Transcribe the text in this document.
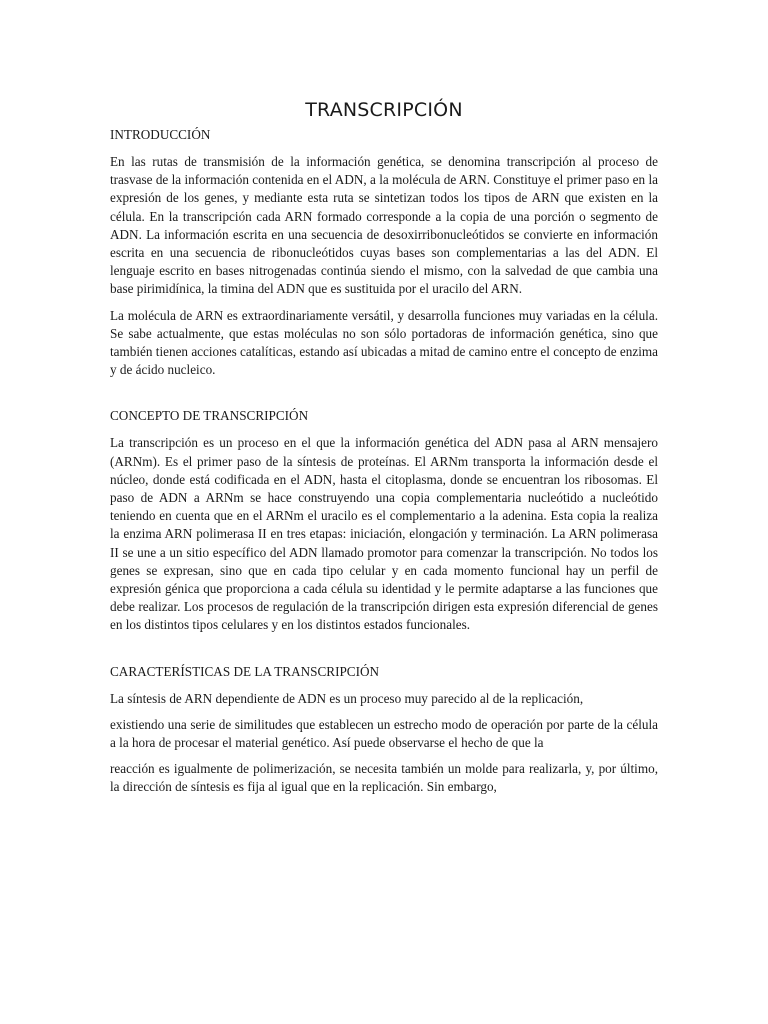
TRANSCRIPCIÓN
INTRODUCCIÓN

En las rutas de transmisión de la información genética, se denomina transcripción al proceso de trasvase de la información contenida en el ADN, a la molécula de ARN. Constituye el primer paso en la expresión de los genes, y mediante esta ruta se sintetizan todos los tipos de ARN que existen en la célula. En la transcripción cada ARN formado corresponde a la copia de una porción o segmento de ADN. La información escrita en una secuencia de desoxirribonucleótidos se convierte en información escrita en una secuencia de ribonucleótidos cuyas bases son complementarias a las del ADN. El lenguaje escrito en bases nitrogenadas continúa siendo el mismo, con la salvedad de que cambia una base pirimidínica, la timina del ADN que es sustituida por el uracilo del ARN.

La molécula de ARN es extraordinariamente versátil, y desarrolla funciones muy variadas en la célula. Se sabe actualmente, que estas moléculas no son sólo portadoras de información genética, sino que también tienen acciones catalíticas, estando así ubicadas a mitad de camino entre el concepto de enzima y de ácido nucleico.

CONCEPTO DE TRANSCRIPCIÓN

La transcripción es un proceso en el que la información genética del ADN pasa al ARN mensajero (ARNm). Es el primer paso de la síntesis de proteínas. El ARNm transporta la información desde el núcleo, donde está codificada en el ADN, hasta el citoplasma, donde se encuentran los ribosomas. El paso de ADN a ARNm se hace construyendo una copia complementaria nucleótido a nucleótido teniendo en cuenta que en el ARNm el uracilo es el complementario a la adenina. Esta copia la realiza la enzima ARN polimerasa II en tres etapas: iniciación, elongación y terminación. La ARN polimerasa II se une a un sitio específico del ADN llamado promotor para comenzar la transcripción. No todos los genes se expresan, sino que en cada tipo celular y en cada momento funcional hay un perfil de expresión génica que proporciona a cada célula su identidad y le permite adaptarse a las funciones que debe realizar. Los procesos de regulación de la transcripción dirigen esta expresión diferencial de genes en los distintos tipos celulares y en los distintos estados funcionales.

CARACTERÍSTICAS DE LA TRANSCRIPCIÓN

La síntesis de ARN dependiente de ADN es un proceso muy parecido al de la replicación,

existiendo una serie de similitudes que establecen un estrecho modo de operación por parte de la célula a la hora de procesar el material genético. Así puede observarse el hecho de que la

reacción es igualmente de polimerización, se necesita también un molde para realizarla, y, por último, la dirección de síntesis es fija al igual que en la replicación. Sin embargo,
